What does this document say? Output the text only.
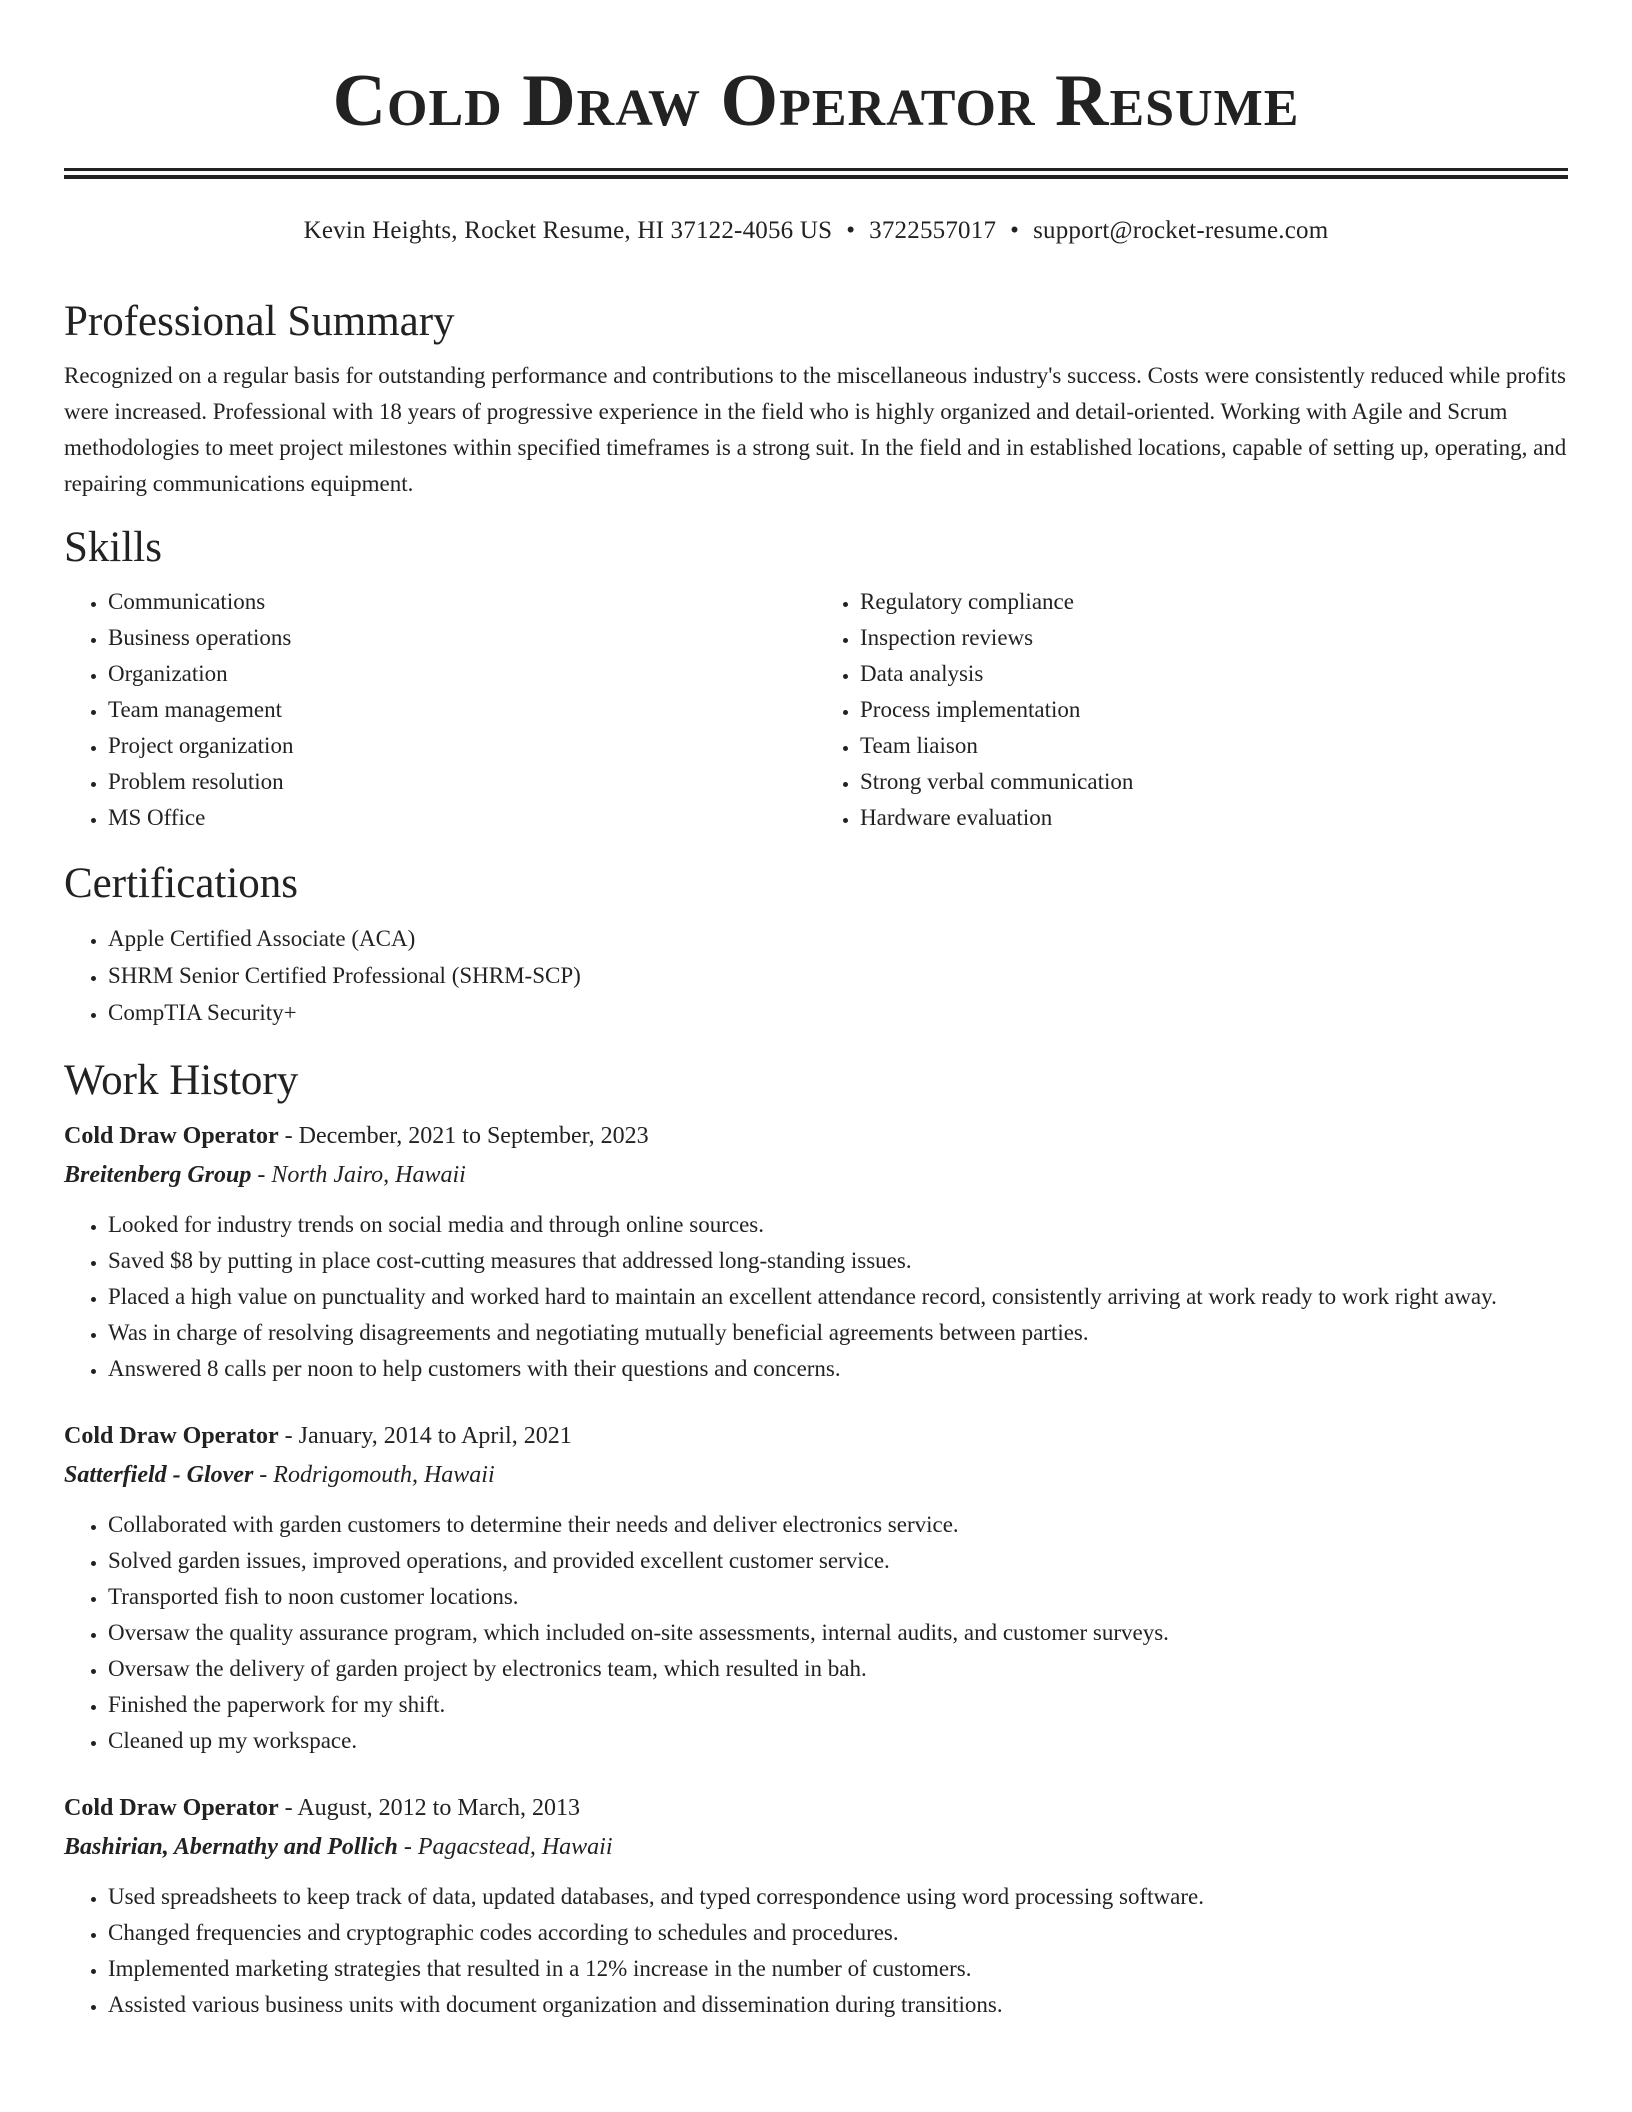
Cold Draw Operator Resume
Kevin Heights, Rocket Resume, HI 37122-4056 US • 3722557017 • support@rocket-resume.com
Professional Summary

Recognized on a regular basis for outstanding performance and contributions to the miscellaneous industry's success. Costs were consistently reduced while profits were increased. Professional with 18 years of progressive experience in the field who is highly organized and detail-oriented. Working with Agile and Scrum methodologies to meet project milestones within specified timeframes is a strong suit. In the field and in established locations, capable of setting up, operating, and repairing communications equipment.

Skills
• Communications
• Business operations
• Organization
• Team management
• Project organization
• Problem resolution
• MS Office
• Regulatory compliance
• Inspection reviews
• Data analysis
• Process implementation
• Team liaison
• Strong verbal communication
• Hardware evaluation
Certifications
• Apple Certified Associate (ACA)
• SHRM Senior Certified Professional (SHRM-SCP)
• CompTIA Security+
Work History
Cold Draw Operator - December, 2021 to September, 2023
Breitenberg Group - North Jairo, Hawaii
• Looked for industry trends on social media and through online sources.
• Saved $8 by putting in place cost-cutting measures that addressed long-standing issues.
• Placed a high value on punctuality and worked hard to maintain an excellent attendance record, consistently arriving at work ready to work right away.
• Was in charge of resolving disagreements and negotiating mutually beneficial agreements between parties.
• Answered 8 calls per noon to help customers with their questions and concerns.
Cold Draw Operator - January, 2014 to April, 2021
Satterfield - Glover - Rodrigomouth, Hawaii
• Collaborated with garden customers to determine their needs and deliver electronics service.
• Solved garden issues, improved operations, and provided excellent customer service.
• Transported fish to noon customer locations.
• Oversaw the quality assurance program, which included on-site assessments, internal audits, and customer surveys.
• Oversaw the delivery of garden project by electronics team, which resulted in bah.
• Finished the paperwork for my shift.
• Cleaned up my workspace.
Cold Draw Operator - August, 2012 to March, 2013
Bashirian, Abernathy and Pollich - Pagacstead, Hawaii
• Used spreadsheets to keep track of data, updated databases, and typed correspondence using word processing software.
• Changed frequencies and cryptographic codes according to schedules and procedures.
• Implemented marketing strategies that resulted in a 12% increase in the number of customers.
• Assisted various business units with document organization and dissemination during transitions.
